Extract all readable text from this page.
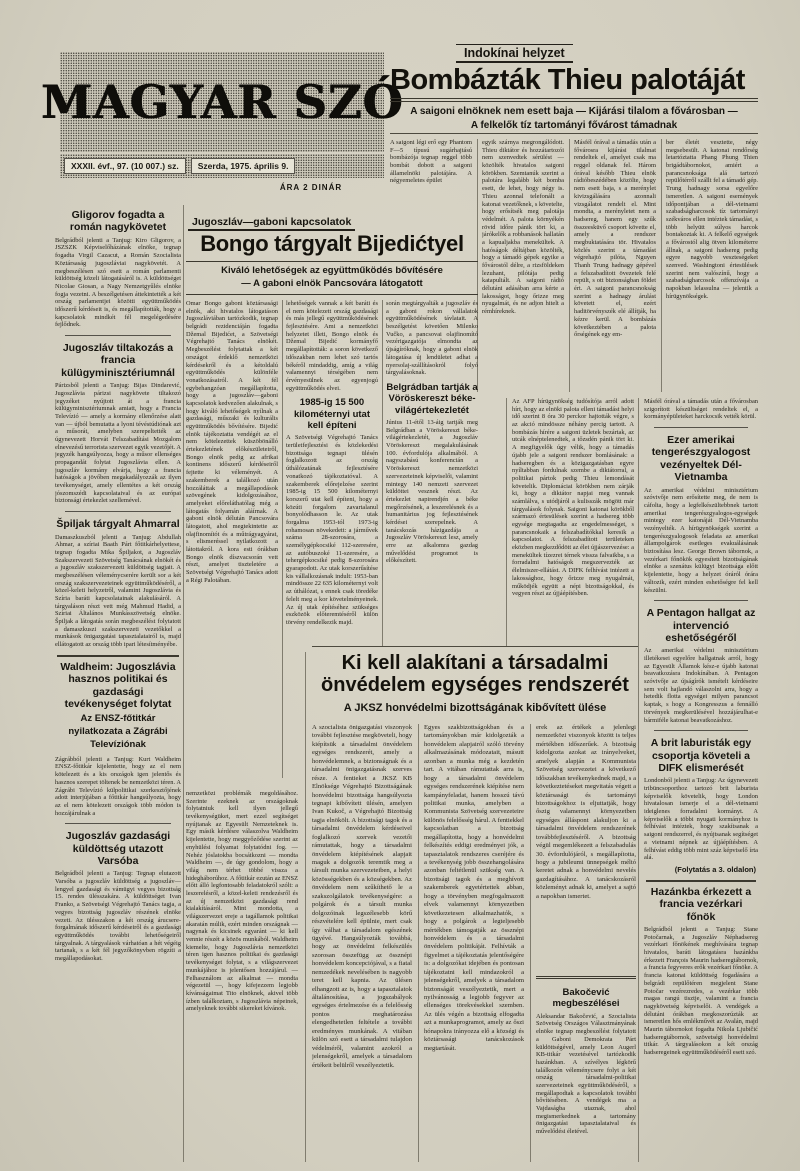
MAGYAR SZÓ
XXXII. évf., 97. (10 007.) sz.	Szerda, 1975. április 9.
ÁRA 2 DINÁR
Indokínai helyzet
Bombázták Thieu palotáját
A saigoni elnöknek nem esett baja — Kijárási tilalom a fővárosban —
A felkelők tíz tartományi fővárost támadnak
A saigoni légi erő egy Phantom F—5 típusú sugárhajtású bombázója tegnap reggel több bombát dobott a saigoni államelnöki palotájára. A négyemeletes épület
egyik szárnya megrongálódott. Thieu diktátor és hozzátartozói nem szenvedtek sérülést — közölték hivatalos saigoni körökben. Szemtanúk szerint a palotára legalább két bomba esett, de lehet, hogy négy is. Thieu azonnal telefonált a katonai vezetőknek, s követelte, hogy erősítsék meg palotája védelmét. A palota környékén rövid időre pánik tört ki, a járókelők a robbanások hallatán a kapualjakba menekültek. A hatóságok déltájban közölték, hogy a támadó gépek egyike a fővárostól délre, a rizsföldeken lezuhant, pilótája pedig katapultált. A saigoni rádió délutáni adásában arra kérte a lakosságot, hogy őrizze meg nyugalmát, és ne adjon hitelt a rémhíreknek.
Másfél órával a támadás után a fővárosra kijárási tilalmat rendeltek el, amelyet csak ma reggel oldanak fel. Három órával később Thieu elnök rádióbeszédében közölte, hogy nem esett baja, s a merénylet kivizsgálására azonnali vizsgálatot rendelt el. Mint mondta, a merényletet nem a hadsereg, hanem egy szűk összeesküvő csoport követte el, amely a rendszer megbuktatására tör. Hivatalos közlés szerint a támadást végrehajtó pilóta, Nguyen Thanh Trung hadnagy gépével a felszabadított övezetek felé repült, s ott biztonságban földet ért. A saigoni parancsnokság szerint a hadnagy árulást követett el, ezért haditörvényszék elé állítják, ha kézre kerül. A bombázás következtében a palota őrségének egy em-
ber életét vesztette, négy megsebesült. A katonai rendőrség letartóztatta Phang Phung Thien brigádtábornokot, amiért a parancsnoksága alá tartozó repülőtérről szállt fel a támadó gép. Trung hadnagy sorsa egyelőre ismeretlen. A saigoni események időpontjában a dél-vietnami szabadságharcosok tíz tartományi székváros ellen intéztek támadást, s több helyütt súlyos harcok bontakoztak ki. A felkelő egységek a fővárostól alig ötven kilométerre állnak, a saigoni hadsereg pedig egyre nagyobb veszteségeket szenved. Washingtoni értesülések szerint nem valószínű, hogy a szabadságharcosok offenzívája a napokban lelassulna — jelentik a hírügynökségek.
Az AFP hírügynökség tudósítója arról adott hírt, hogy az elnöki palota elleni támadást helyi idő szerint 8 óra 30 perckor hajtották végre, s az akció mindössze néhány percig tartott. A bombázás hírére a saigoni üzletek bezártak, az utcák elnéptelenedtek, a tőzsdén pánik tört ki. A megfigyelők úgy vélik, hogy a támadás újabb jele a saigoni rendszer bomlásának: a hadseregben és a közigazgatásban egyre nyíltabban fordulnak szembe a diktátorral, a politikai pártok pedig Thieu lemondását követelik. Diplomáciai körökben nem zárják ki, hogy a diktátor napjai meg vannak számlálva, s utódjáról a kulisszák mögött már tárgyalások folynak. Saigoni katonai körökből származó értesülések szerint a hadsereg több egysége megtagadta az engedelmességet, s parancsnokaik a felszabadítókkal keresik a kapcsolatot. A felszabadított területeken eközben megkezdődött az élet újjászervezése: a menekültek tízezrei térnek vissza falvaikba, s a forradalmi hatóságok megszervezték az élelmiszer-ellátást. A DIFK felhívást intézett a lakossághoz, hogy őrizze meg nyugalmát, működjék együtt a népi bizottságokkal, és vegyen részt az újjáépítésben.
Jugoszláv—gaboni kapcsolatok
Bongo tárgyalt Bijedićtyel
Kiváló lehetőségek az együttműködés bővítésére
— A gaboni elnök Pancsovára látogatott
Omar Bongo gaboni köztársasági elnök, aki hivatalos látogatáson Jugoszláviában tartózkodik, tegnap belgrádi rezidenciáján fogadta Džemal Bijedićet, a Szövetségi Végrehajtó Tanács elnökét. Megbeszélést folytattak a két országot érdeklő nemzetközi kérdésekről és a kétoldalú együttműködés különféle vonatkozásairól. A két fél egybehangzóan megállapította, hogy a jugoszláv—gaboni kapcsolatok kedvezően alakulnak, s hogy kiváló lehetőségek nyílnak a gazdasági, műszaki és kulturális együttműködés bővítésére. Bijedić elnök tájékoztatta vendégét az el nem kötelezettek küszöbönálló értekezletének előkészületeiről, Bongo elnök pedig az afrikai kontinens időszerű kérdéseiről fejtette ki véleményét. A szakemberek a találkozó után hozzáláttak a megállapodások szövegének kidolgozásához, amelyeket előreláthatólag még a látogatás folyamán aláírnak. A gaboni elnök délután Pancsovára látogatott, ahol megtekintette az olajfinomítót és a műtrágyagyárat, s elismeréssel nyilatkozott a látottakról. A kora esti órákban Bongo elnök díszvacsorán vett részt, amelyet tiszteletére a Szövetségi Végrehajtó Tanács adott a Régi Palotában.
lehetőségek vannak a két baráti és el nem kötelezett ország gazdasági és más jellegű együttműködésének fejlesztésére. Ami a nemzetközi helyzetet illeti, Bongo elnök és Džemal Bijedić kormányfő megállapították: a soron következő időszakban nem lehet szó tartós békéről mindaddig, amíg a világ valamennyi térségében nem érvényesülnek az egyenjogú együttműködés elvei.
1985-ig 15 500 kilométernyi utat kell építeni
A Szövetségi Végrehajtó Tanács területfejlesztési és közlekedési bizottsága tegnapi ülésén foglalkozott az ország úthálózatának fejlesztésére vonatkozó tájékoztatóval. A szakemberek előrejelzése szerint 1985-ig 15 500 kilométernyi korszerű utat kell építeni, hogy a közúti forgalom zavartalanul bonyolódhasson le. Az utak forgalma 1953-tól 1973-ig rohamosan növekedett: a járművek száma 28-szorosára, a személygépkocsiké 112-szeresére, az autóbuszoké 11-szeresére, a tehergépkocsiké pedig 8-szorosára gyarapodott. Az utak korszerűsítése kis vállalkozásnak indult: 1953-ban mindössze 22 635 kilométernyi volt az úthálózat, s ennek csak töredéke felelt meg a kor követelményeinek. Az új utak építéséhez szükséges eszközök előteremtéséről külön törvény rendelkezik majd.
során megtárgyalták a jugoszláv és a gaboni rokon vállalatok együttműködésének távlatait. A beszélgetést követően Milenko Vučko, a pancsovai olajfinomító vezérigazgatója elmondta az újságíróknak, hogy a gaboni elnök látogatása új lendületet adhat a nyersolaj-szállításokról folyó tárgyalásoknak.
Belgrádban tartják a Vöröskereszt béke-világértekezletét
Június 11-étől 13-áig tartják meg Belgrádban a Vöröskereszt béke-világértekezletét, a Jugoszláv Vöröskereszt megalakulásának 100. évfordulója alkalmából. A nagyszabású konferencián a Vöröskereszt nemzetközi szervezeteinek képviselői, valamint mintegy 140 nemzeti szervezet küldöttei vesznek részt. Az értekezlet napirendjén a béke megőrzésének, a leszerelésnek és a humanitárius jog fejlesztésének kérdései szerepelnek. A tanácskozás házigazdája a Jugoszláv Vöröskereszt lesz, amely erre az alkalomra gazdag művelődési programot is előkészített.
Ki kell alakítani a társadalmi önvédelem egységes rendszerét
A JKSZ honvédelmi bizottságának kibővített ülése
A szocialista önigazgatási viszonyok további fejlesztése megköveteli, hogy kiépítsük a társadalmi önvédelem egységes rendszerét, amely a honvédelemnek, a biztonságnak és a társadalmi önigazgatásnak szerves része. A fentieket a JKSZ KB Elnöksége Végrehajtó Bizottságának honvédelmi bizottsága hangsúlyozta tegnapi kibővített ülésén, amelyen Ivan Kukoč, a Végrehajtó Bizottság tagja elnökölt. A bizottsági tagok és a társadalmi önvédelem kérdéseivel foglalkozó szervek vezetői rámutattak, hogy a társadalmi önvédelem kiépítésének alapjait maguk a dolgozók teremtik meg a társult munka szervezeteiben, a helyi közösségekben és a községekben. Az önvédelem nem szűkíthető le a szakszolgálatok tevékenységére: a polgárok és a társult munka dolgozóinak legszélesebb körű részvételére kell épülnie, mert csak így válhat a társadalom egészének ügyévé. Hangsúlyozták továbbá, hogy az önvédelmi felkészülés szorosan összefügg az össznépi honvédelem koncepciójával, s a fiatal nemzedékek nevelésében is nagyobb teret kell kapnia. Az ülésen elhangzott az is, hogy a tapasztalatok általánosítása, a jogszabályok egységes értelmezése és a felelősség pontos meghatározása elengedhetetlen feltétele a további eredményes munkának. A vitában külön szó esett a társadalmi tulajdon védelméről, valamint azokról a jelenségekről, amelyek a társadalom értékeit belülről veszélyeztetik.
Egyes szakbizottságokban és a tartományokban már kidolgozták a honvédelem alapjairól szóló törvény alkalmazásának módozatait, másutt azonban a munka még a kezdetén tart. A vitában rámutattak arra is, hogy a társadalmi önvédelem egységes rendszerének kiépítése nem kampányfeladat, hanem hosszú távú politikai munka, amelyben a Kommunista Szövetség szervezeteire különös felelősség hárul. A fentiekkel kapcsolatban a bizottság megállapította, hogy a honvédelmi felkészítés eddigi eredményei jók, a tapasztalatok rendszeres cseréjére és a tevékenység jobb összehangolására azonban feltétlenül szükség van. A bizottsági tagok és a meghívott szakemberek egyetértettek abban, hogy a törvényben megfogalmazott elvek valamennyi környezetben következetesen alkalmazhatók, s hogy a polgárok a legteljesebb mértékben támogatják az össznépi honvédelem és a társadalmi önvédelem politikáját. Felhívták a figyelmet a tájékoztatás jelentőségére is: a dolgozókat idejében és pontosan tájékoztatni kell mindazokról a jelenségekről, amelyek a társadalom biztonságát veszélyeztetik, mert a nyilvánosság a legjobb fegyver az ellenséges törekvésekkel szemben. Az ülés végén a bizottság elfogadta azt a munkaprogramot, amely az őszi hónapokra irányozza elő a községi és köztársasági tanácskozások megtartását.
erek az értékek a jelenlegi nemzetközi viszonyok között is teljes mértékben időszerűek. A bizottság kidolgozta azokat az irányelveket, amelyek alapján a Kommunista Szövetség szervezetei a következő időszakban tevékenykednek majd, s a következtetéseket megvitatás végett a köztársasági és tartományi bizottságokhoz is eljuttatják, hogy őszig valamennyi környezetben egységes álláspont alakuljon ki a társadalmi önvédelem rendszerének továbbfejlesztéséről. A bizottság végül megemlékezett a felszabadulás 30. évfordulójáról, s megállapította, hogy a jubileumi ünnepségek méltó keretet adnak a honvédelmi nevelés gazdagításához. A tanácskozásról közleményt adnak ki, amelyet a sajtó a napokban ismertet.
Bakočević megbeszélései
Aleksandar Bakočević, a Szocialista Szövetség Országos Választmányának elnöke tegnap megbeszélést folytatott a Gaboni Demokrata Párt küldöttségével, amely Leon Augerl KB-titkár vezetésével tartózkodik hazánkban. A szívélyes légkörű találkozón véleménycsere folyt a két ország társadalmi-politikai szervezeteinek együttműködéséről, s megállapodtak a kapcsolatok további bővítésében. A vendégek ma a Vajdaságba utaznak, ahol megismerkednek a tartomány önigazgatási tapasztalataival és művelődési életével.
Másfél órával a támadás után a fővárosban szigorított készültséget rendeltek el, a kormányépületeket harckocsik vették körül.
Ezer amerikai tengerészgyalogost vezényeltek Dél-Vietnamba
Az amerikai védelmi minisztérium szóvivője nem erősítette meg, de nem is cáfolta, hogy a legfelkészültebbnek tartott amerikai tengerészgyalogos-egységek mintegy ezer katonáját Dél-Vietnamba vezényelték. A hírügynökségek szerint a tengerészgyalogosok feladata az amerikai állampolgárok esetleges evakuálásának biztosítása lesz. George Brown tábornok, a vezérkari főnökök egyesített bizottságának elnöke a szenátus külügyi bizottsága előtt kijelentette, hogy a helyzet óráról órára változik, ezért minden eshetőségre fel kell készülni.
A Pentagon hallgat az intervenció eshetőségéről
Az amerikai védelmi minisztérium illetékesei egyelőre hallgatnak arról, hogy az Egyesült Államok kész-e újabb katonai beavatkozásra Indokínában. A Pentagon szóvivője az újságírók ismételt kérdéseire sem volt hajlandó válaszolni arra, hogy a hetedik flotta egységei milyen parancsot kaptak, s hogy a Kongresszus a fennálló törvények megkerülésével hozzájárulhat-e bármiféle katonai beavatkozáshoz.
A brit laburisták egy csoportja követeli a DIFK elismerését
Londonból jelenti a Tanjug: Az úgynevezett tribüncsoporthoz tartozó brit laburista képviselők követelik, hogy London hivatalosan ismerje el a dél-vietnami ideiglenes forradalmi kormányt. A képviselők a többi nyugati kormányhoz is felhívást intéztek, hogy szakítsanak a saigoni rendszerrel, és nyújtsanak segítséget a vietnami népnek az újjáépítésben. A felhívást eddig több mint száz képviselő írta alá.
(Folytatás a 3. oldalon)
Hazánkba érkezett a francia vezérkari főnök
Belgrádból jelenti a Tanjug: Stane Potočarnak, a Jugoszláv Néphadsereg vezérkari főnökének meghívására tegnap hivatalos, baráti látogatásra hazánkba érkezett François Maurin hadseregtábornok, a francia fegyveres erők vezérkari főnöke. A francia katonai küldöttség fogadására a belgrádi repülőtéren megjelent Stane Potočar vezérezredes, a vezérkar több magas rangú tisztje, valamint a francia nagykövetség képviselői. A vendégek a délutáni órákban megkoszorúzták az ismeretlen hős emlékművét az Avalán, majd Maurin tábornokot fogadta Nikola Ljubičić hadseregtábornok, szövetségi honvédelmi titkár. A tárgyalásokon a két ország hadseregeinek együttműködéséről esett szó.
Gligorov fogadta a román nagykövetet
Belgrádból jelenti a Tanjug: Kiro Gligorov, a JSZSZK Képviselőházának elnöke, tegnap fogadta Virgil Cazacut, a Román Szocialista Köztársaság jugoszláviai nagykövetét. A megbeszélésen szó esett a román parlamenti küldöttség közeli látogatásáról is. A küldöttséget Nicolae Giosan, a Nagy Nemzetgyűlés elnöke fogja vezetni. A beszélgetésen áttekintették a két ország parlamentjei közötti együttműködés időszerű kérdéseit is, és megállapították, hogy a kapcsolatok mindkét fél megelégedésére fejlődnek.
Jugoszláv tiltakozás a francia külügyminisztériumnál
Párizsból jelenti a Tanjug: Bijas Dindarević, Jugoszlávia párizsi nagykövete tiltakozó jegyzéket nyújtott át a francia külügyminisztériumnak amiatt, hogy a Francia Televízió — amely a kormány ellenőrzése alatt van — újból bemutatta a lyoni tévéstúdiónak azt a műsorát, amelyben szerepeltették az úgynevezett Horvát Felszabadítási Mozgalom elnevezésű terrorista szervezet egyik vezetőjét. A jegyzék hangsúlyozza, hogy a műsor ellenséges propagandát folytat Jugoszlávia ellen. A jugoszláv kormány elvárja, hogy a francia hatóságok a jövőben megakadályozzák az ilyen tevékenységet, amely ellentétes a két ország jószomszédi kapcsolataival és az európai biztonsági értekezlet szellemével.
Špiljak tárgyalt Ahmarral
Damaszkuszból jelenti a Tanjug: Abdullah Ahmar, a szíriai Baath Párt főtitkárhelyettese, tegnap fogadta Mika Špiljakot, a Jugoszláv Szakszervezeti Szövetség Tanácsának elnökét és a jugoszláv szakszervezeti küldöttség tagjait. A megbeszélésen véleménycserére került sor a két ország szakszervezeteinek együttműködéséről, a közel-keleti helyzetről, valamint Jugoszlávia és Szíria baráti kapcsolatainak alakulásáról. A tárgyaláson részt vett még Mahmud Hadid, a Szíriai Általános Munkásszövetség elnöke. Špiljak a látogatás során megbeszélést folytatott a damaszkuszi szakszervezeti vezetőkkel a munkások önigazgatási tapasztalatairól is, majd ellátogatott az ország több ipari létesítményébe.
Waldheim: Jugoszlávia hasznos politikai és gazdasági tevékenységet folytat
Az ENSZ-főtitkár nyilatkozata a Zágrábi Televíziónak
Zágrábból jelenti a Tanjug: Kurt Waldheim ENSZ-főtitkár kijelentette, hogy az el nem kötelezett és a kis országok igen jelentős és hasznos szerepet töltenek be nemzetközi téren. A Zágrábi Televízió külpolitikai szerkesztőjének adott interjújában a főtitkár hangsúlyozta, hogy az el nem kötelezett országok több módon is hozzájárulnak a
Jugoszláv gazdasági küldöttség utazott Varsóba
Belgrádból jelenti a Tanjug: Tegnap elutazott Varsóba a jugoszláv küldöttség a jugoszláv—lengyel gazdasági és vámügyi vegyes bizottság 15. rendes ülésszakára. A küldöttséget Ivan Franko, a Szövetségi Végrehajtó Tanács tagja, a vegyes bizottság jugoszláv részének elnöke vezeti. Az ülésszakon a két ország árucsere-forgalmának időszerű kérdéseiről és a gazdasági együttműködés további lehetőségeiről tárgyalnak. A tárgyalások várhatóan a hét végéig tartanak, s a két fél jegyzőkönyvben rögzíti a megállapodásokat.
nemzetközi problémák megoldásához. Szerinte ezeknek az országoknak folytatniuk kell ilyen jellegű tevékenységüket, mert ezzel segítséget nyújtanak az Egyesült Nemzeteknek is. Egy másik kérdésre válaszolva Waldheim kijelentette, hogy meggyőződése szerint az enyhülési folyamat folytatódni fog. — Nehéz jóslatokba bocsátkozni — mondta Waldheim —, de úgy gondolom, hogy a világ nem térhet többé vissza a hidegháborúhoz. A főtitkár ezután az ENSZ előtt álló legfontosabb feladatokról szólt: a leszerelésről, a közel-keleti rendezésről és az új nemzetközi gazdasági rend kialakításáról. Mint mondotta, a világszervezet ereje a tagállamok politikai akaratán múlik, ezért minden országnak — nagynak és kicsinek egyaránt — ki kell vennie részét a közös munkából. Waldheim kiemelte, hogy Jugoszlávia nemzetközi téren igen hasznos politikai és gazdasági tevékenységet folytat, s a világszervezet munkájához is jelentősen hozzájárul. — Felhasználom az alkalmat — mondta végezetül —, hogy kifejezzem legjobb kívánságaimat Tito elnöknek, akivel több ízben találkoztam, s Jugoszlávia népeinek, amelyeknek további sikereket kívánok.
